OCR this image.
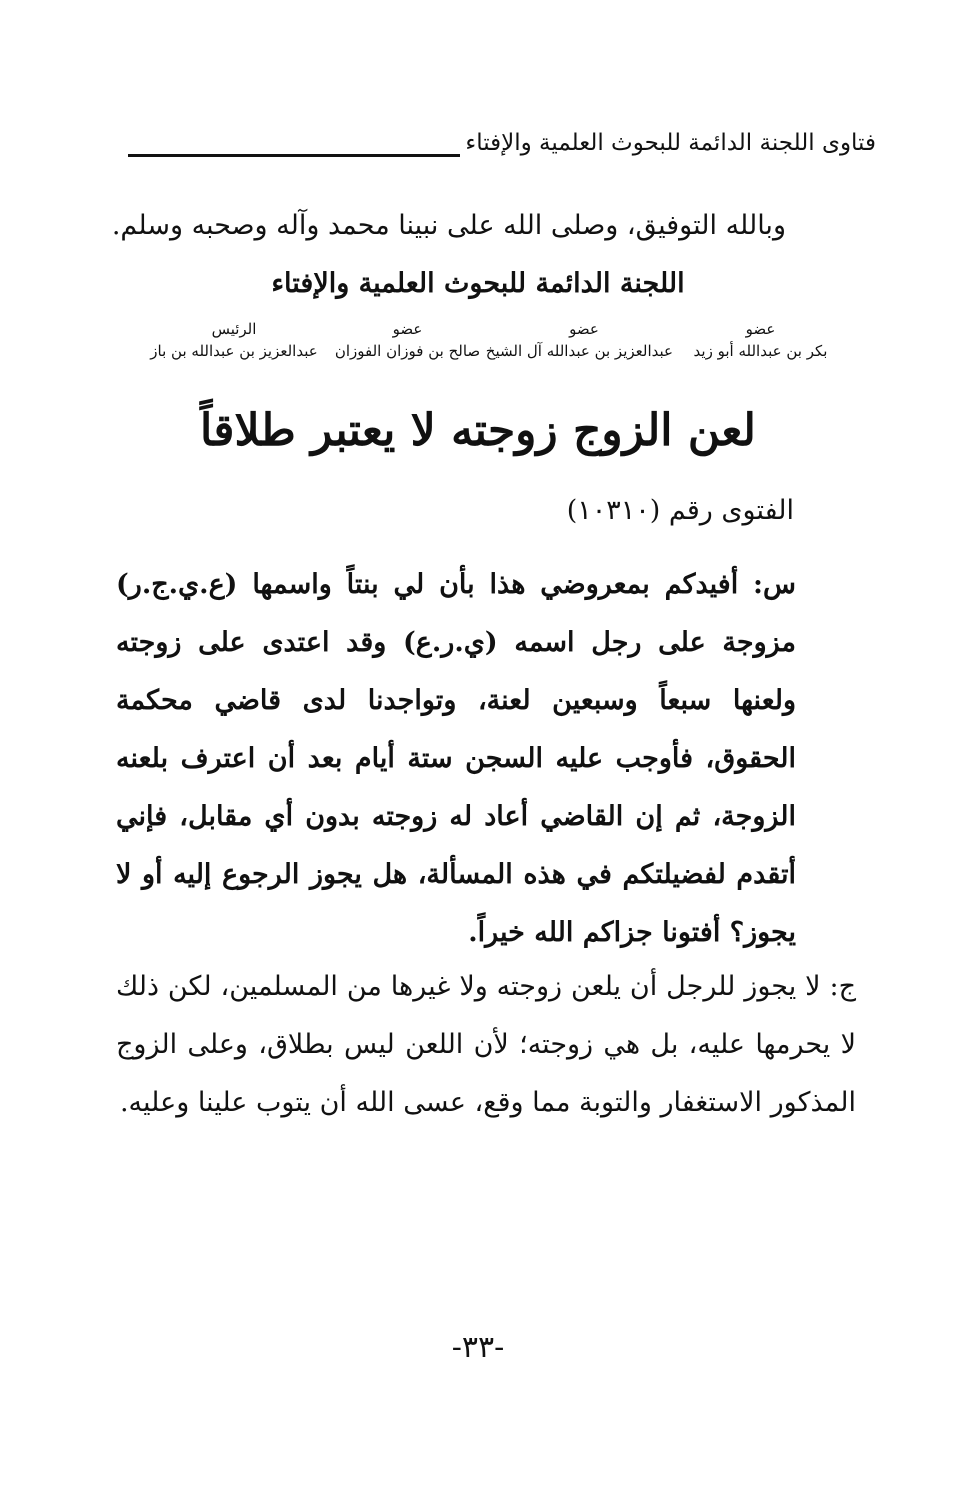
فتاوى اللجنة الدائمة للبحوث العلمية والإفتاء
وبالله التوفيق، وصلى الله على نبينا محمد وآله وصحبه وسلم.
اللجنة الدائمة للبحوث العلمية والإفتاء
عضو
بكر بن عبدالله أبو زيد
عضو
عبدالعزيز بن عبدالله آل الشيخ
عضو
صالح بن فوزان الفوزان
الرئيس
عبدالعزيز بن عبدالله بن باز
لعن الزوج زوجته لا يعتبر طلاقاً
الفتوى رقم (١٠٣١٠)
س: أفيدكم بمعروضي هذا بأن لي بنتاً واسمها (ع.ي.ج.ر) مزوجة على رجل اسمه (ي.ر.ع) وقد اعتدى على زوجته ولعنها سبعاً وسبعين لعنة، وتواجدنا لدى قاضي محكمة الحقوق، فأوجب عليه السجن ستة أيام بعد أن اعترف بلعنه الزوجة، ثم إن القاضي أعاد له زوجته بدون أي مقابل، فإني أتقدم لفضيلتكم في هذه المسألة، هل يجوز الرجوع إليه أو لا يجوز؟ أفتونا جزاكم الله خيراً.
ج: لا يجوز للرجل أن يلعن زوجته ولا غيرها من المسلمين، لكن ذلك لا يحرمها عليه، بل هي زوجته؛ لأن اللعن ليس بطلاق، وعلى الزوج المذكور الاستغفار والتوبة مما وقع، عسى الله أن يتوب علينا وعليه.
-٣٣-
